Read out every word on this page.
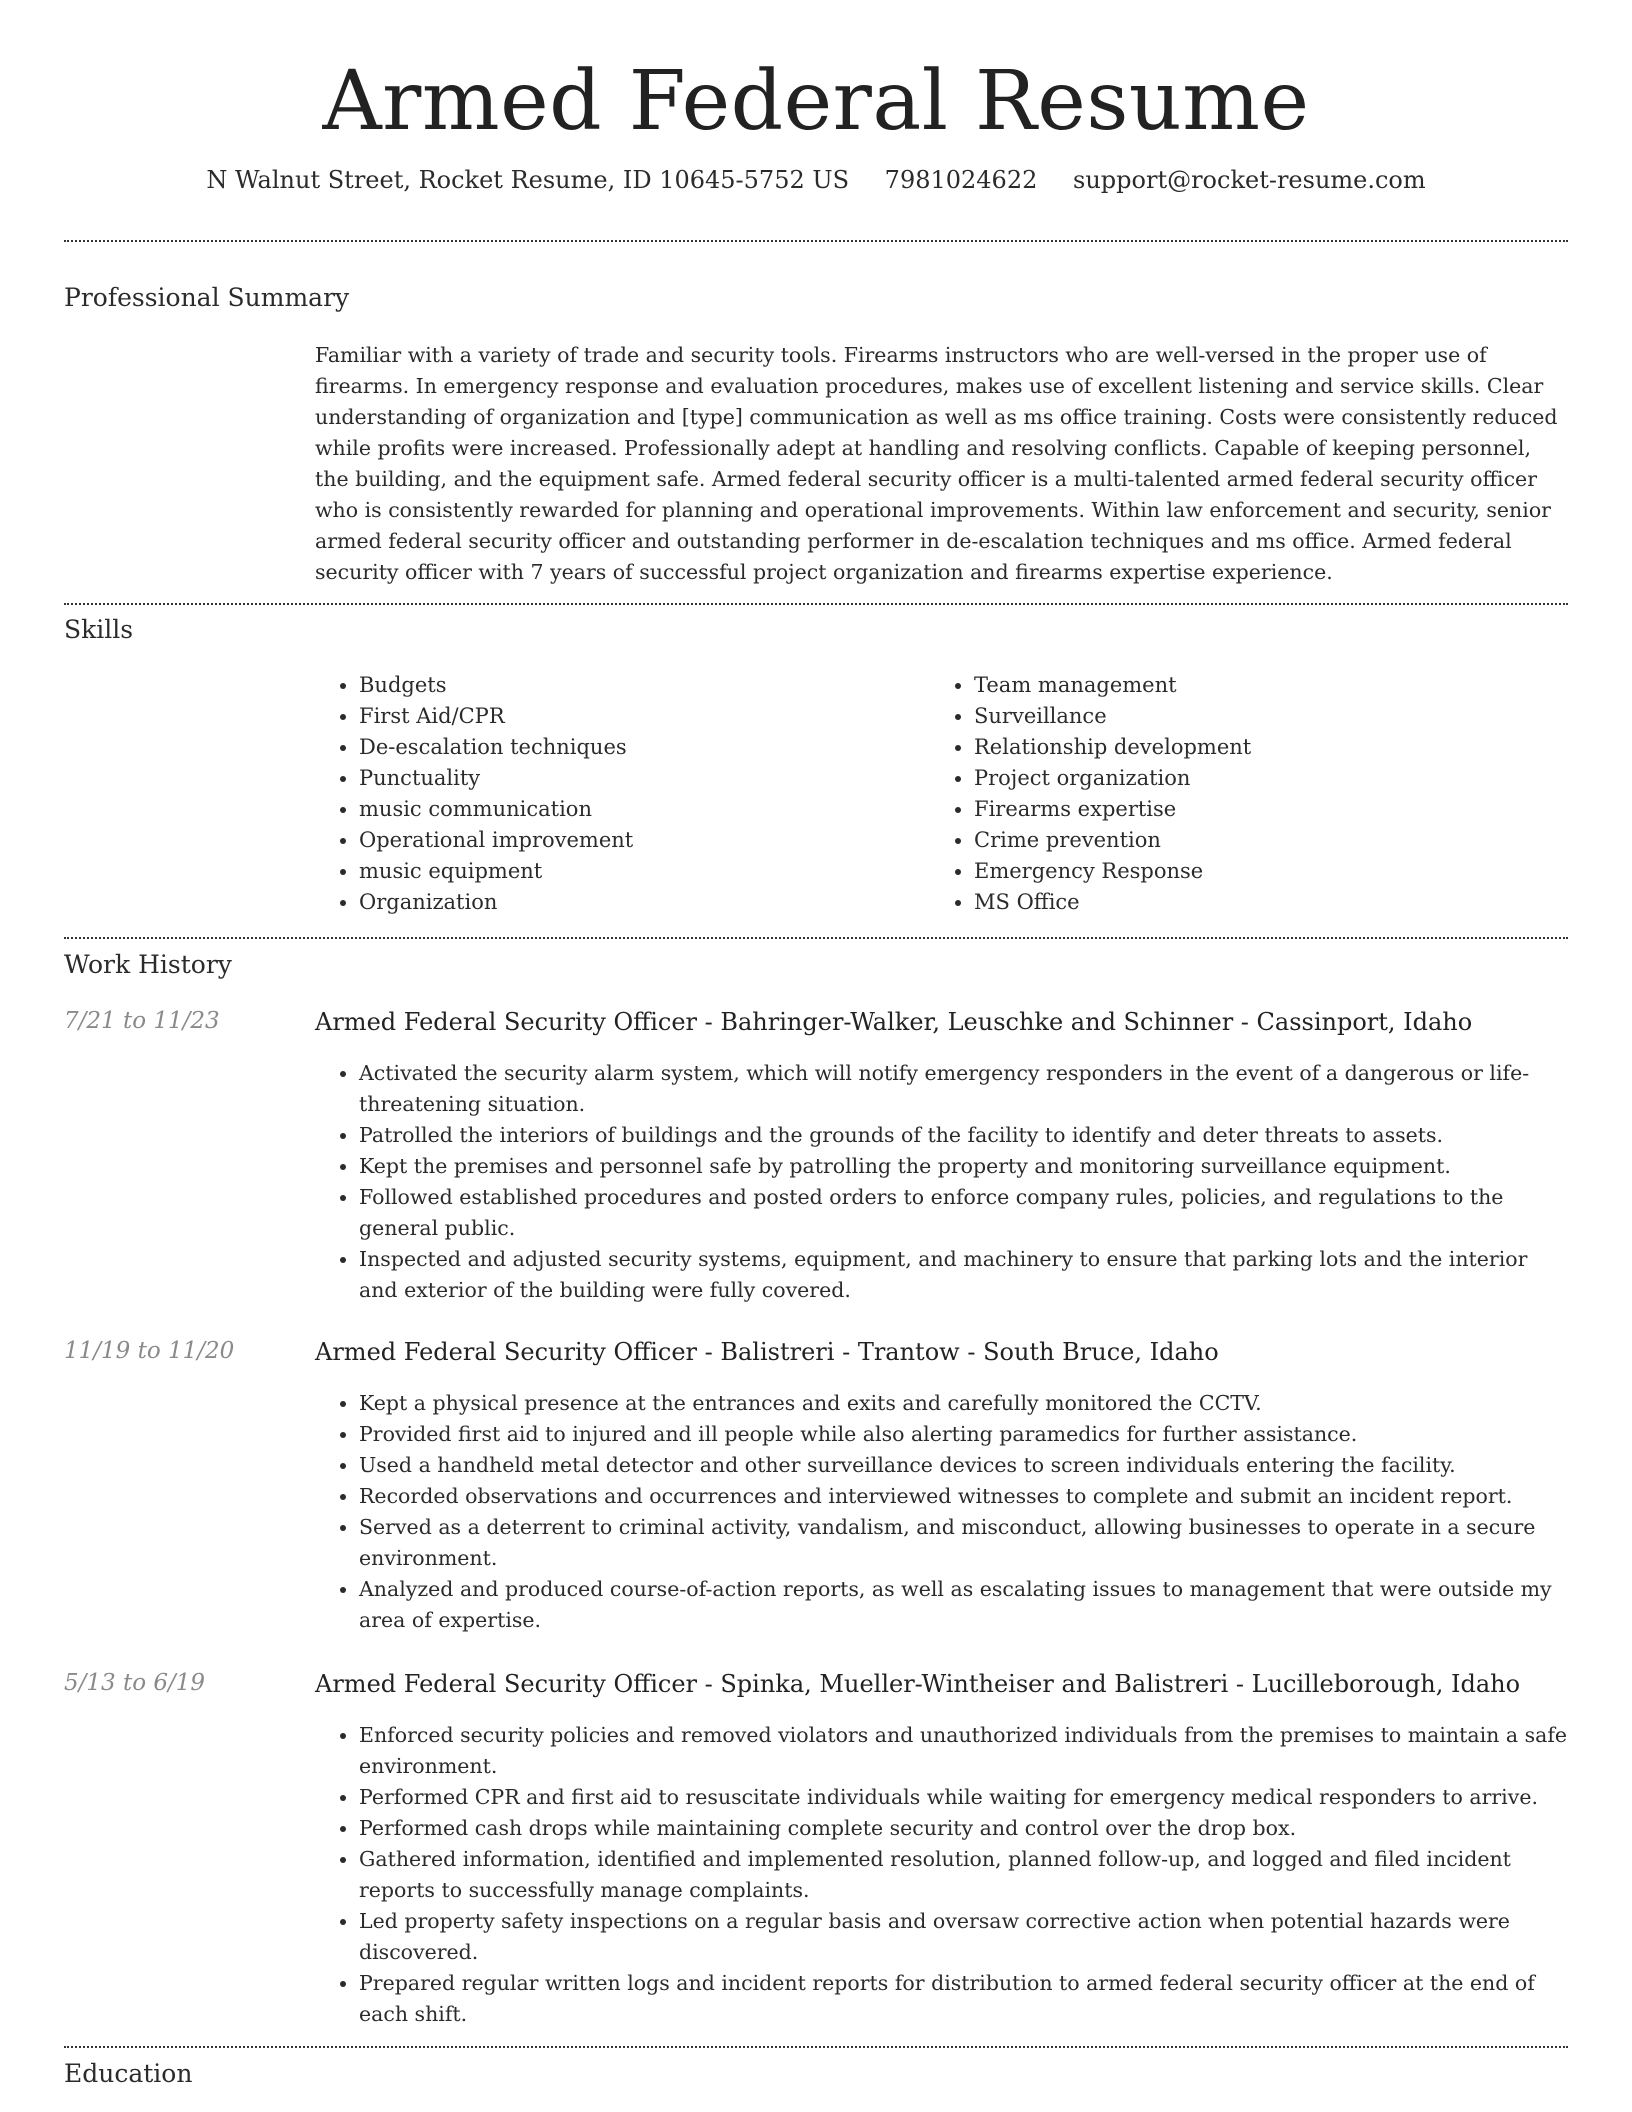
Armed Federal Resume
N Walnut Street, Rocket Resume, ID 10645-5752 US 7981024622 support@rocket-resume.com
Professional Summary

Familiar with a variety of trade and security tools. Firearms instructors who are well-versed in the proper use of firearms. In emergency response and evaluation procedures, makes use of excellent listening and service skills. Clear understanding of organization and [type] communication as well as ms office training. Costs were consistently reduced while profits were increased. Professionally adept at handling and resolving conflicts. Capable of keeping personnel, the building, and the equipment safe. Armed federal security officer is a multi-talented armed federal security officer who is consistently rewarded for planning and operational improvements. Within law enforcement and security, senior armed federal security officer and outstanding performer in de-escalation techniques and ms office. Armed federal security officer with 7 years of successful project organization and firearms expertise experience.

Skills
• Budgets
• First Aid/CPR
• De-escalation techniques
• Punctuality
• music communication
• Operational improvement
• music equipment
• Organization
• Team management
• Surveillance
• Relationship development
• Project organization
• Firearms expertise
• Crime prevention
• Emergency Response
• MS Office
Work History
7/21 to 11/23	Armed Federal Security Officer - Bahringer-Walker, Leuschke and Schinner - Cassinport, Idaho
• Activated the security alarm system, which will notify emergency responders in the event of a dangerous or life-threatening situation.
• Patrolled the interiors of buildings and the grounds of the facility to identify and deter threats to assets.
• Kept the premises and personnel safe by patrolling the property and monitoring surveillance equipment.
• Followed established procedures and posted orders to enforce company rules, policies, and regulations to the general public.
• Inspected and adjusted security systems, equipment, and machinery to ensure that parking lots and the interior and exterior of the building were fully covered.
11/19 to 11/20	Armed Federal Security Officer - Balistreri - Trantow - South Bruce, Idaho
• Kept a physical presence at the entrances and exits and carefully monitored the CCTV.
• Provided first aid to injured and ill people while also alerting paramedics for further assistance.
• Used a handheld metal detector and other surveillance devices to screen individuals entering the facility.
• Recorded observations and occurrences and interviewed witnesses to complete and submit an incident report.
• Served as a deterrent to criminal activity, vandalism, and misconduct, allowing businesses to operate in a secure environment.
• Analyzed and produced course-of-action reports, as well as escalating issues to management that were outside my area of expertise.
5/13 to 6/19	Armed Federal Security Officer - Spinka, Mueller-Wintheiser and Balistreri - Lucilleborough, Idaho
• Enforced security policies and removed violators and unauthorized individuals from the premises to maintain a safe environment.
• Performed CPR and first aid to resuscitate individuals while waiting for emergency medical responders to arrive.
• Performed cash drops while maintaining complete security and control over the drop box.
• Gathered information, identified and implemented resolution, planned follow-up, and logged and filed incident reports to successfully manage complaints.
• Led property safety inspections on a regular basis and oversaw corrective action when potential hazards were discovered.
• Prepared regular written logs and incident reports for distribution to armed federal security officer at the end of each shift.
Education
